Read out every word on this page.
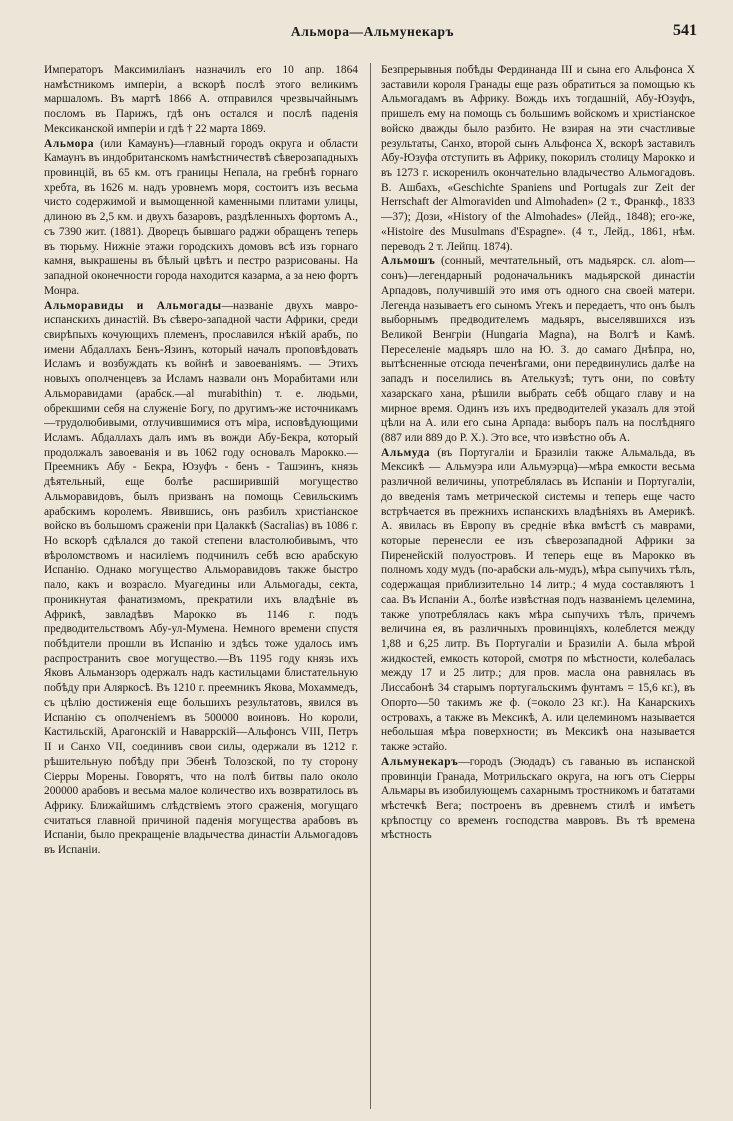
Альмора—Альмунекаръ	541

Императоръ Максимиліанъ назначилъ его 10 апр. 1864 намѣстникомъ имперіи, а вскорѣ послѣ этого великимъ маршаломъ. Въ мартѣ 1866 А. отправился чрезвычайнымъ посломъ въ Парижъ, гдѣ онъ остался и послѣ паденія Мексиканской имперіи и гдѣ † 22 марта 1869.

Альмора (или Камаунъ)—главный городъ округа и области Камаунъ въ индобританскомъ намѣстничествѣ сѣверозападныхъ провинцій, въ 65 км. отъ границы Непала, на гребнѣ горнаго хребта, въ 1626 м. надъ уровнемъ моря, состоитъ изъ весьма чисто содержимой и вымощенной каменными плитами улицы, длиною въ 2,5 км. и двухъ базаровъ, раздѣленныхъ фортомъ А., съ 7390 жит. (1881). Дворецъ бывшаго раджи обращенъ теперь въ тюрьму. Нижніе этажи городскихъ домовъ всѣ изъ горнаго камня, выкрашены въ бѣлый цвѣтъ и пестро разрисованы. На западной оконечности города находится казарма, а за нею фортъ Монра.

Альморавиды и Альмогады—названіе двухъ мавро-испанскихъ династій. Въ сѣверо-западной части Африки, среди свирѣпыхъ кочующихъ племенъ, прославился нѣкій арабъ, по имени Абдаллахъ Бенъ-Язинъ, который началъ проповѣдовать Исламъ и возбуждать къ войнѣ и завоеваніямъ. — Этихъ новыхъ ополченцевъ за Исламъ назвали онъ Морабитами или Альморавидами (арабск.—al murabithin) т. е. людьми, обрекшими себя на служеніе Богу, по другимъ-же источникамъ—трудолюбивыми, отлучившимися отъ міра, исповѣдующими Исламъ. Абдаллахъ далъ имъ въ вожди Абу-Бекра, который продолжалъ завоеванія и въ 1062 году основалъ Марокко.—Преемникъ Абу - Бекра, Юзуфъ - бенъ - Ташэинъ, князь дѣятельный, еще болѣе расширившій могущество Альморавидовъ, былъ призванъ на помощь Севильскимъ арабскимъ королемъ. Явившись, онъ разбилъ христіанское войско въ большомъ сраженіи при Цалаккѣ (Sacralias) въ 1086 г. Но вскорѣ сдѣлался до такой степени властолюбивымъ, что вѣроломствомъ и насиліемъ подчинилъ себѣ всю арабскую Испанію. Однако могущество Альморавидовъ также быстро пало, какъ и возрасло. Муагедины или Альмогады, секта, проникнутая фанатизмомъ, прекратили ихъ владѣніе въ Африкѣ, завладѣвъ Марокко въ 1146 г. подъ предводительствомъ Абу-ул-Мумена. Немного времени спустя побѣдители прошли въ Испанію и здѣсь тоже удалось имъ распространить свое могущество.—Въ 1195 году князь ихъ Яковъ Альманзоръ одержалъ надъ кастильцами блистательную побѣду при Аляркосѣ. Въ 1210 г. преемникъ Якова, Мохаммедъ, съ цѣлію достиженія еще большихъ результатовъ, явился въ Испанію съ ополченіемъ въ 500000 воиновъ. Но короли, Кастильскій, Арагонскій и Наваррскій—Альфонсъ VIII, Петръ II и Санхо VII, соединивъ свои силы, одержали въ 1212 г. рѣшительную побѣду при Эбенѣ Толозской, по ту сторону Сіерры Морены. Говорятъ, что на полѣ битвы пало около 200000 арабовъ и весьма малое количество ихъ возвратилось въ Африку. Ближайшимъ слѣдствіемъ этого сраженія, могущаго считаться главной причиной паденія могущества арабовъ въ Испаніи, было прекращеніе владычества династіи Альмогадовъ въ Испаніи.

Безпрерывныя побѣды Фердинанда III и сына его Альфонса X заставили короля Гранады еще разъ обратиться за помощью къ Альмогадамъ въ Африку. Вождь ихъ тогдашній, Абу-Юзуфъ, пришелъ ему на помощь съ большимъ войскомъ и христіанское войско дважды было разбито. Не взирая на эти счастливые результаты, Санхо, второй сынъ Альфонса X, вскорѣ заставилъ Абу-Юзуфа отступить въ Африку, покорилъ столицу Марокко и въ 1273 г. искоренилъ окончательно владычество Альмогадовъ. В. Ашбахъ, «Geschichte Spaniens und Portugals zur Zeit der Herrschaft der Almoraviden und Almohaden» (2 т., Франкф., 1833—37); Дози, «History of the Almohades» (Лейд., 1848); его-же, «Histoire des Musulmans d'Espagne». (4 т., Лейд., 1861, нѣм. переводъ 2 т. Лейпц. 1874).

Альмошъ (сонный, мечтательный, отъ мадьярск. сл. alom—сонъ)—легендарный родоначальникъ мадьярской династіи Арпадовъ, получившій это имя отъ одного сна своей матери. Легенда называетъ его сыномъ Угекъ и передаетъ, что онъ былъ выборнымъ предводителемъ мадьяръ, выселявшихся изъ Великой Венгріи (Hungaria Magna), на Волгѣ и Камѣ. Переселеніе мадьяръ шло на Ю. З. до самаго Днѣпра, но, вытѣсненные отсюда печенѣгами, они передвинулись далѣе на западъ и поселились въ Ателькузѣ; тутъ они, по совѣту хазарскаго хана, рѣшили выбрать себѣ общаго главу и на мирное время. Одинъ изъ ихъ предводителей указалъ для этой цѣли на А. или его сына Арпада: выборъ палъ на послѣдняго (887 или 889 до Р. Х.). Это все, что извѣстно объ А.

Альмуда (въ Португаліи и Бразиліи также Альмальда, въ Мексикѣ — Альмуэра или Альмуэрца)—мѣра емкости весьма различной величины, употреблялась въ Испаніи и Португаліи, до введенія тамъ метрической системы и теперь еще часто встрѣчается въ прежнихъ испанскихъ владѣніяхъ въ Америкѣ. А. явилась въ Европу въ средніе вѣка вмѣстѣ съ маврами, которые перенесли ее изъ сѣверозападной Африки за Пиренейскій полуостровъ. И теперь еще въ Марокко въ полномъ ходу мудъ (по-арабски аль-мудъ), мѣра сыпучихъ тѣлъ, содержащая приблизительно 14 литр.; 4 муда составляютъ 1 саа. Въ Испаніи А., болѣе извѣстная подъ названіемъ целемина, также употреблялась какъ мѣра сыпучихъ тѣлъ, причемъ величина ея, въ различныхъ провинціяхъ, колеблется между 1,88 и 6,25 литр. Въ Португаліи и Бразиліи А. была мѣрой жидкостей, емкость которой, смотря по мѣстности, колебалась между 17 и 25 литр.; для пров. масла она равнялась въ Лиссабонѣ 34 старымъ португальскимъ фунтамъ = 15,6 кг.), въ Опорто—50 такимъ же ф. (=около 23 кг.). На Канарскихъ островахъ, а также въ Мексикѣ, А. или целеминомъ называется небольшая мѣра поверхности; въ Мексикѣ она называется также эстайо.

Альмунекаръ—городъ (Эюдадъ) съ гаванью въ испанской провинціи Гранада, Мотрильскаго округа, на югъ отъ Сіерры Альмары въ изобилующемъ сахарнымъ тростникомъ и бататами мѣстечкѣ Вега; построенъ въ древнемъ стилѣ и имѣетъ крѣпостцу со временъ господства мавровъ. Въ тѣ времена мѣстность
